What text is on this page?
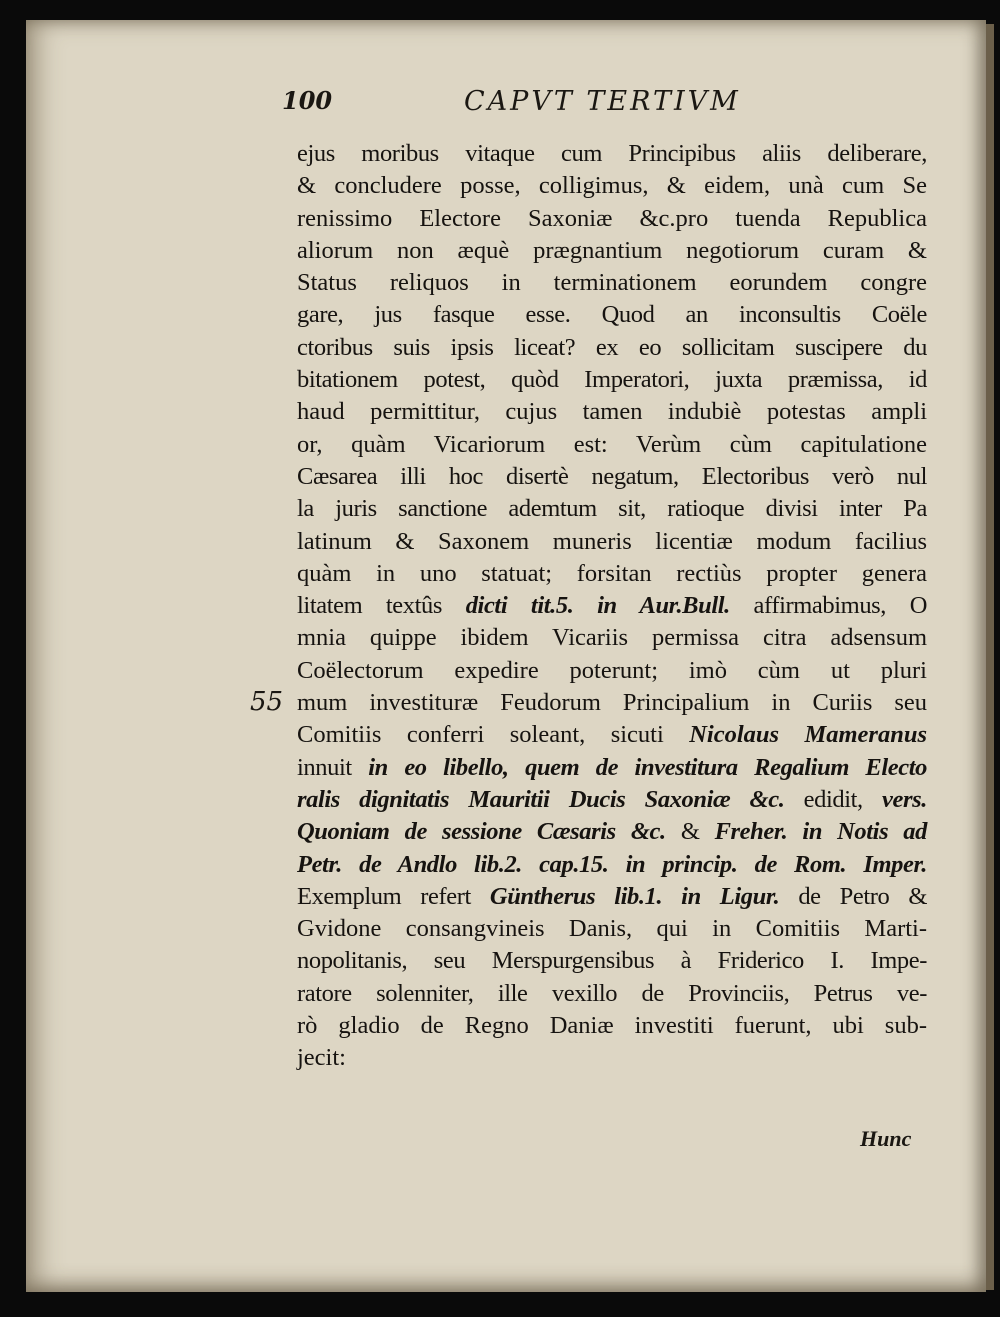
100	CAPVT TERTIVM
55
ejus moribus vitaque cum Principibus aliis deliberare,
& concludere posse, colligimus, & eidem, unà cum Se
renissimo Electore Saxoniæ &c.pro tuenda Republica
aliorum non æquè prægnantium negotiorum curam &
Status reliquos in terminationem eorundem congre
gare, jus fasque esse. Quod an inconsultis Coële
ctoribus suis ipsis liceat? ex eo sollicitam suscipere du
bitationem potest, quòd Imperatori, juxta præmissa, id
haud permittitur, cujus tamen indubiè potestas ampli
or, quàm Vicariorum est: Verùm cùm capitulatione
Cæsarea illi hoc disertè negatum, Electoribus verò nul
la juris sanctione ademtum sit, ratioque divisi inter Pa
latinum & Saxonem muneris licentiæ modum facilius
quàm in uno statuat; forsitan rectiùs propter genera
litatem textûs dicti tit.5. in Aur.Bull. affirmabimus, O
mnia quippe ibidem Vicariis permissa citra adsensum
Coëlectorum expedire poterunt; imò cùm ut pluri
mum investituræ Feudorum Principalium in Curiis seu
Comitiis conferri soleant, sicuti Nicolaus Mameranus
innuit in eo libello, quem de investitura Regalium Electo
ralis dignitatis Mauritii Ducis Saxoniæ &c. edidit, vers.
Quoniam de sessione Cæsaris &c. & Freher. in Notis ad
Petr. de Andlo lib.2. cap.15. in princip. de Rom. Imper.
Exemplum refert Güntherus lib.1. in Ligur. de Petro &
Gvidone consangvineis Danis, qui in Comitiis Marti-
nopolitanis, seu Merspurgensibus à Friderico I. Impe-
ratore solenniter, ille vexillo de Provinciis, Petrus ve-
rò gladio de Regno Daniæ investiti fuerunt, ubi sub-
jecit:
Hunc
